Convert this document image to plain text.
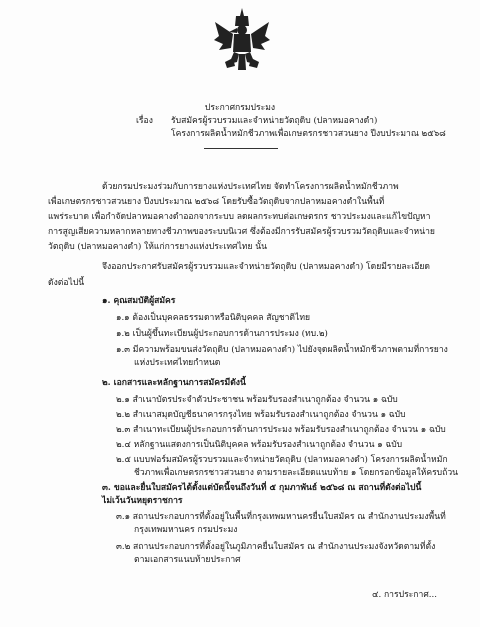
ประกาศกรมประมง
เรื่อง รับสมัครผู้รวบรวมและจำหน่ายวัตถุดิบ (ปลาหมอคางดำ)
โครงการผลิตน้ำหมักชีวภาพเพื่อเกษตรกรชาวสวนยาง ปีงบประมาณ ๒๕๖๘
ด้วยกรมประมงร่วมกับการยางแห่งประเทศไทย จัดทำโครงการผลิตน้ำหมักชีวภาพ
เพื่อเกษตรกรชาวสวนยาง ปีงบประมาณ ๒๕๖๘ โดยรับซื้อวัตถุดิบจากปลาหมอคางดำในพื้นที่
แพร่ระบาด เพื่อกำจัดปลาหมอคางดำออกจากระบบ ลดผลกระทบต่อเกษตรกร ชาวประมงและแก้ไขปัญหา
การสูญเสียความหลากหลายทางชีวภาพของระบบนิเวศ ซึ่งต้องมีการรับสมัครผู้รวบรวมวัตถุดิบและจำหน่าย
วัตถุดิบ (ปลาหมอคางดำ) ให้แก่การยางแห่งประเทศไทย นั้น
จึงออกประกาศรับสมัครผู้รวบรวมและจำหน่ายวัตถุดิบ (ปลาหมอคางดำ) โดยมีรายละเอียด
ดังต่อไปนี้
๑. คุณสมบัติผู้สมัคร
๑.๑ ต้องเป็นบุคคลธรรมดาหรือนิติบุคคล สัญชาติไทย
๑.๒ เป็นผู้ขึ้นทะเบียนผู้ประกอบการด้านการประมง (ทบ.๒)
๑.๓ มีความพร้อมขนส่งวัตถุดิบ (ปลาหมอคางดำ) ไปยังจุดผลิตน้ำหมักชีวภาพตามที่การยาง
แห่งประเทศไทยกำหนด
๒. เอกสารและหลักฐานการสมัครมีดังนี้
๒.๑ สำเนาบัตรประจำตัวประชาชน พร้อมรับรองสำเนาถูกต้อง จำนวน ๑ ฉบับ
๒.๒ สำเนาสมุดบัญชีธนาคารกรุงไทย พร้อมรับรองสำเนาถูกต้อง จำนวน ๑ ฉบับ
๒.๓ สำเนาทะเบียนผู้ประกอบการด้านการประมง พร้อมรับรองสำเนาถูกต้อง จำนวน ๑ ฉบับ
๒.๔ หลักฐานแสดงการเป็นนิติบุคคล พร้อมรับรองสำเนาถูกต้อง จำนวน ๑ ฉบับ
๒.๕ แบบฟอร์มสมัครผู้รวบรวมและจำหน่ายวัตถุดิบ (ปลาหมอคางดำ) โครงการผลิตน้ำหมัก
ชีวภาพเพื่อเกษตรกรชาวสวนยาง ตามรายละเอียดแนบท้าย ๑ โดยกรอกข้อมูลให้ครบถ้วน
๓. ขอและยื่นใบสมัครได้ตั้งแต่บัดนี้จนถึงวันที่ ๕ กุมภาพันธ์ ๒๕๖๘ ณ สถานที่ดังต่อไปนี้
ไม่เว้นวันหยุดราชการ
๓.๑ สถานประกอบการที่ตั้งอยู่ในพื้นที่กรุงเทพมหานครยื่นใบสมัคร ณ สำนักงานประมงพื้นที่
กรุงเทพมหานคร กรมประมง
๓.๒ สถานประกอบการที่ตั้งอยู่ในภูมิภาคยื่นใบสมัคร ณ สำนักงานประมงจังหวัดตามที่ตั้ง
ตามเอกสารแนบท้ายประกาศ
๔. การประกาศ...
